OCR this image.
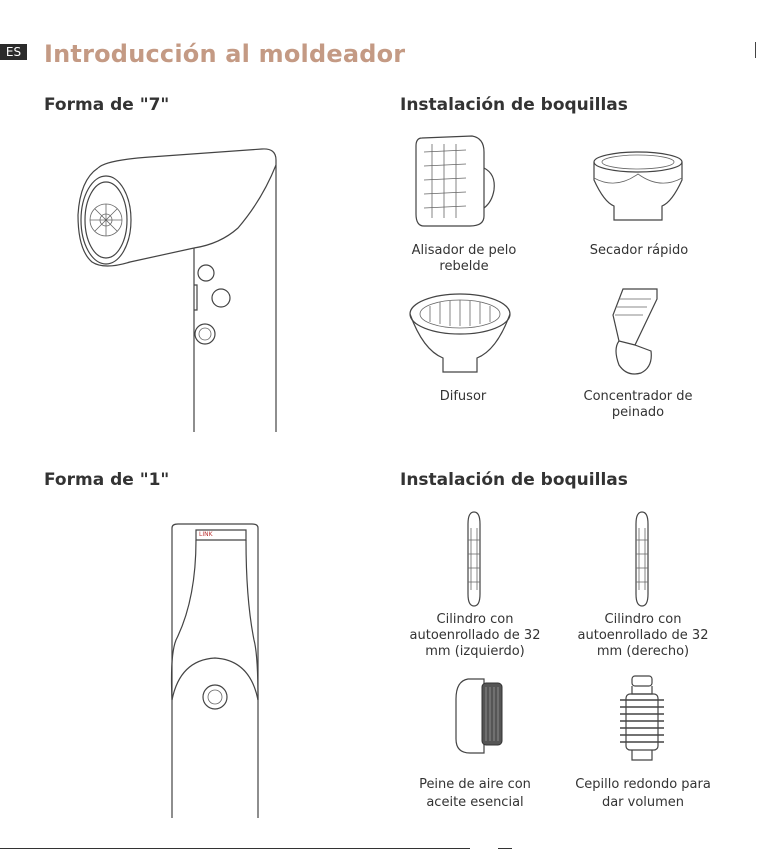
ES Introducción al moldeador
Forma de "7"	Instalación de boquillas
Alisador de pelo
rebelde
Secador rápido
Difusor	Concentrador de
peinado
Forma de "1"	Instalación de boquillas
LINK
Cilindro con
autoenrollado de 32
mm (izquierdo)
Cilindro con
autoenrollado de 32
mm (derecho)
Peine de aire con
aceite esencial
Cepillo redondo para
dar volumen
